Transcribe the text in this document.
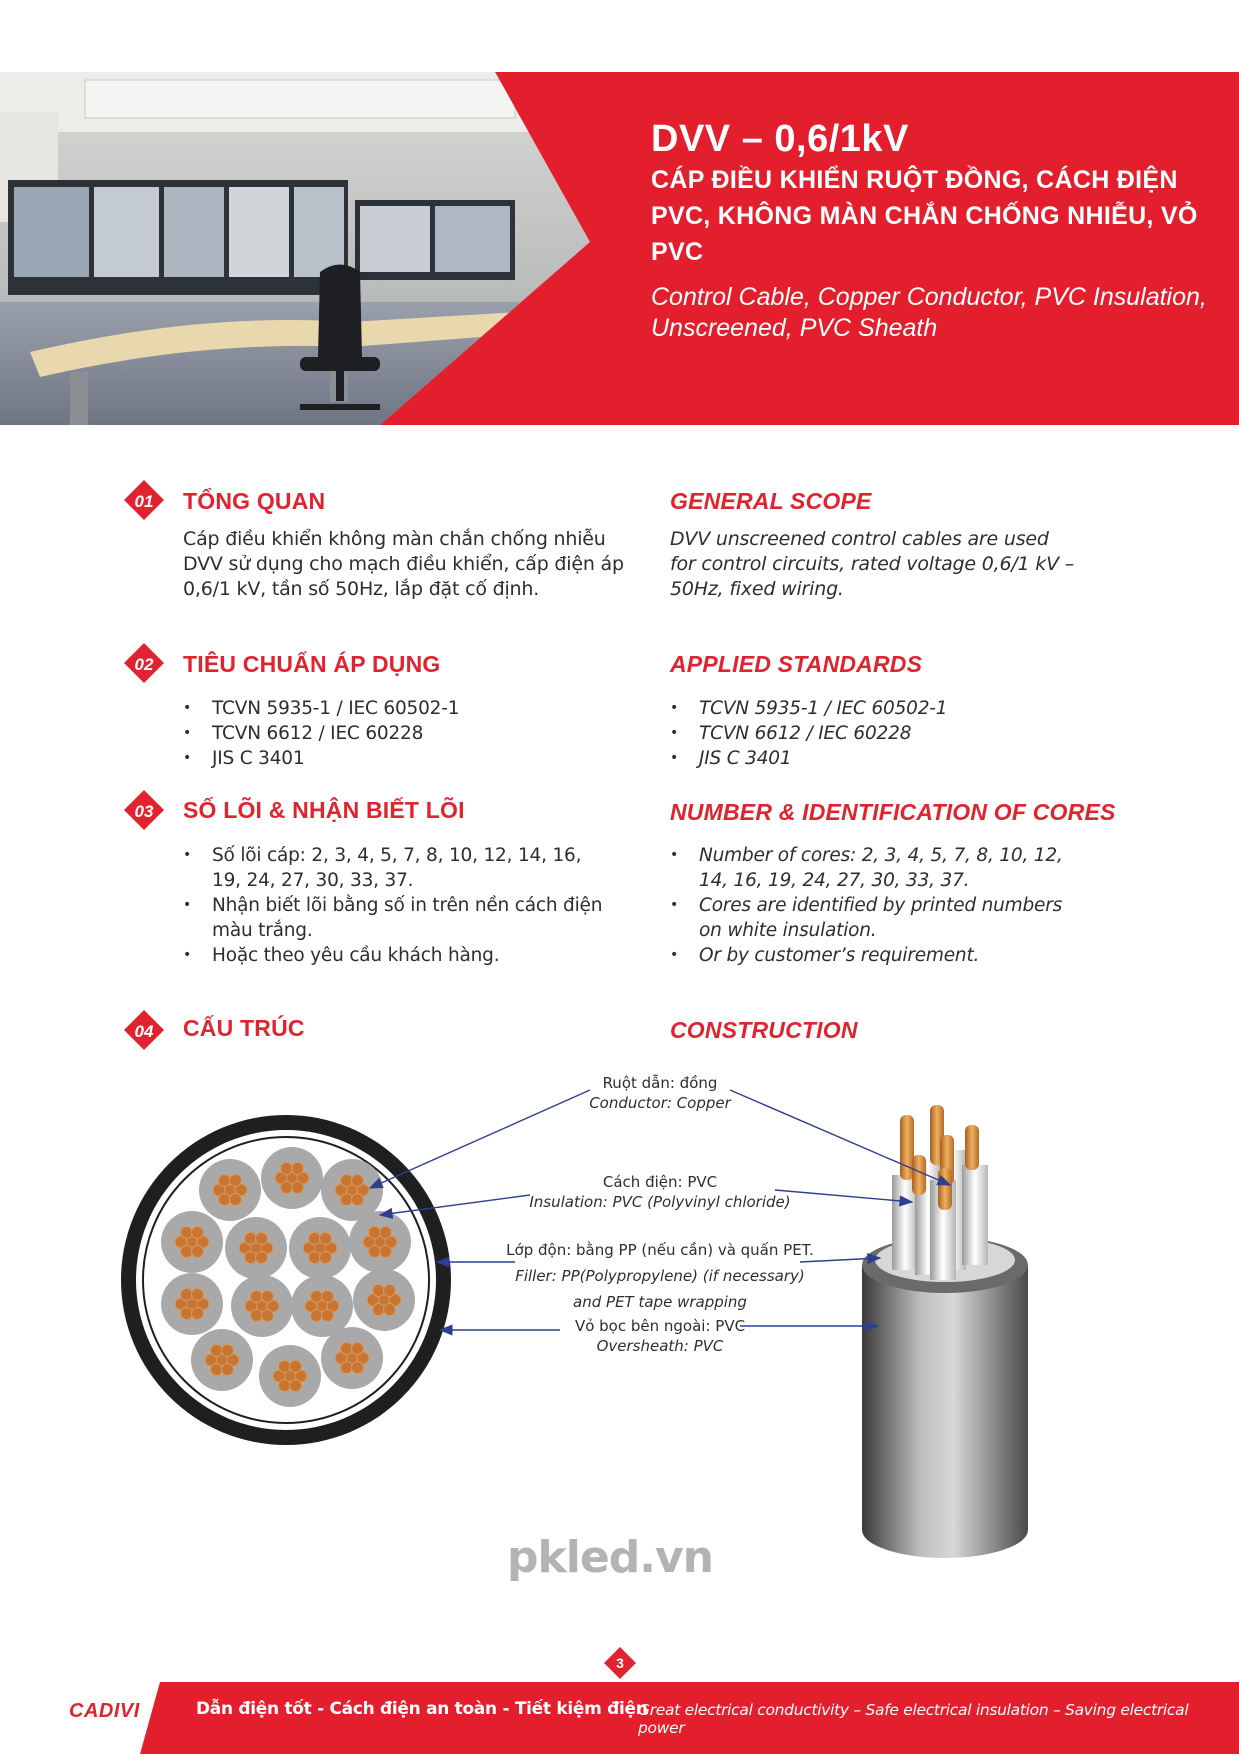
DVV – 0,6/1kV
CÁP ĐIỀU KHIỂN RUỘT ĐỒNG, CÁCH ĐIỆN PVC, KHÔNG MÀN CHẮN CHỐNG NHIỄU, VỎ PVC
Control Cable, Copper Conductor, PVC Insulation, Unscreened, PVC Sheath
01 TỔNG QUAN	GENERAL SCOPE
Cáp điều khiển không màn chắn chống nhiễu DVV sử dụng cho mạch điều khiển, cấp điện áp 0,6/1 kV, tần số 50Hz, lắp đặt cố định.
DVV unscreened control cables are used for control circuits, rated voltage 0,6/1 kV – 50Hz, fixed wiring.
02 TIÊU CHUẨN ÁP DỤNG	APPLIED STANDARDS
• TCVN 5935-1 / IEC 60502-1
• TCVN 6612 / IEC 60228
• JIS C 3401
• TCVN 5935-1 / IEC 60502-1
• TCVN 6612 / IEC 60228
• JIS C 3401
03 SỐ LÕI & NHẬN BIẾT LÕI	NUMBER & IDENTIFICATION OF CORES
• Số lõi cáp: 2, 3, 4, 5, 7, 8, 10, 12, 14, 16, 19, 24, 27, 30, 33, 37.
• Nhận biết lõi bằng số in trên nền cách điện màu trắng.
• Hoặc theo yêu cầu khách hàng.
• Number of cores: 2, 3, 4, 5, 7, 8, 10, 12, 14, 16, 19, 24, 27, 30, 33, 37.
• Cores are identified by printed numbers on white insulation.
• Or by customer’s requirement.
04 CẤU TRÚC	CONSTRUCTION
Ruột dẫn: đồng
Conductor: Copper
Cách điện: PVC
Insulation: PVC (Polyvinyl chloride)
Lớp độn: bằng PP (nếu cần) và quấn PET.
Filler: PP(Polypropylene) (if necessary)
and PET tape wrapping
Vỏ bọc bên ngoài: PVC
Oversheath: PVC
pkled.vn
3
CADIVI	Dẫn điện tốt - Cách điện an toàn - Tiết kiệm điện
Great electrical conductivity – Safe electrical insulation – Saving electrical power
